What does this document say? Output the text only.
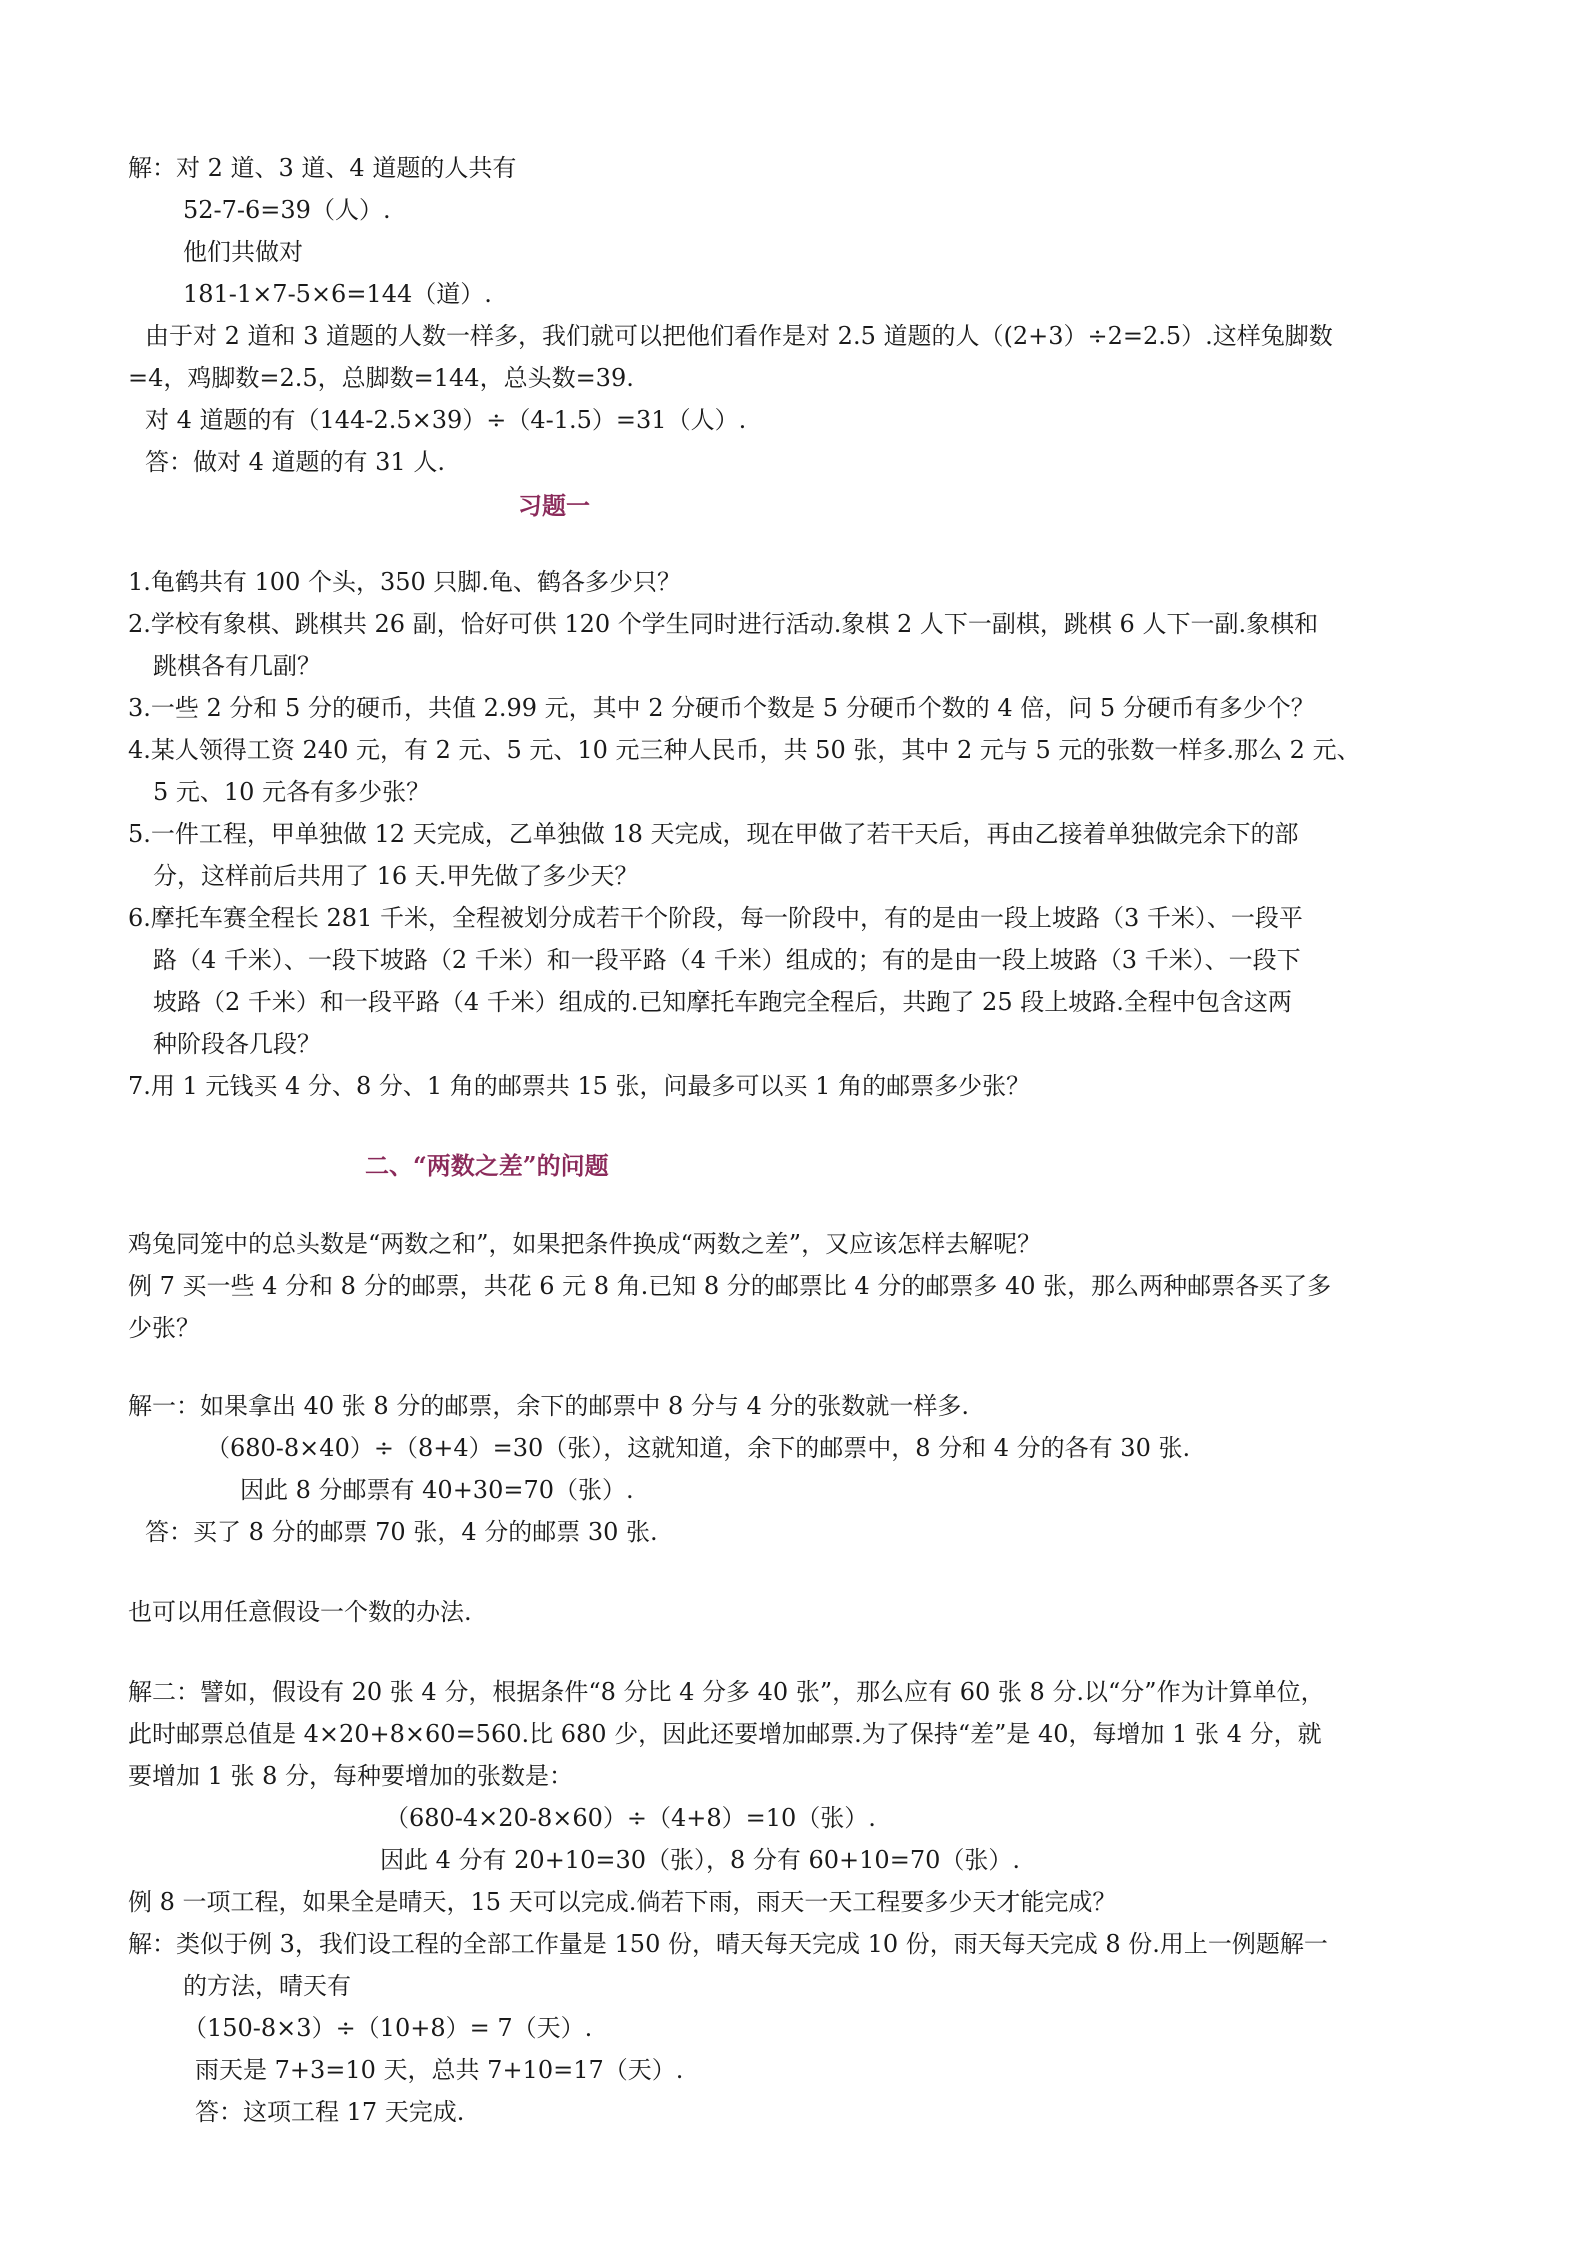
解：对 2 道、3 道、4 道题的人共有
52-7-6=39（人）.
他们共做对
181-1×7-5×6=144（道）.
由于对 2 道和 3 道题的人数一样多，我们就可以把他们看作是对 2.5 道题的人（(2+3）÷2=2.5）.这样兔脚数
=4，鸡脚数=2.5，总脚数=144，总头数=39.
对 4 道题的有（144-2.5×39）÷（4-1.5）=31（人）.
答：做对 4 道题的有 31 人.
习题一
1.龟鹤共有 100 个头，350 只脚.龟、鹤各多少只？
2.学校有象棋、跳棋共 26 副，恰好可供 120 个学生同时进行活动.象棋 2 人下一副棋，跳棋 6 人下一副.象棋和
跳棋各有几副？
3.一些 2 分和 5 分的硬币，共值 2.99 元，其中 2 分硬币个数是 5 分硬币个数的 4 倍，问 5 分硬币有多少个？
4.某人领得工资 240 元，有 2 元、5 元、10 元三种人民币，共 50 张，其中 2 元与 5 元的张数一样多.那么 2 元、
5 元、10 元各有多少张？
5.一件工程，甲单独做 12 天完成，乙单独做 18 天完成，现在甲做了若干天后，再由乙接着单独做完余下的部
分，这样前后共用了 16 天.甲先做了多少天？
6.摩托车赛全程长 281 千米，全程被划分成若干个阶段，每一阶段中，有的是由一段上坡路（3 千米）、一段平
路（4 千米）、一段下坡路（2 千米）和一段平路（4 千米）组成的；有的是由一段上坡路（3 千米）、一段下
坡路（2 千米）和一段平路（4 千米）组成的.已知摩托车跑完全程后，共跑了 25 段上坡路.全程中包含这两
种阶段各几段？
7.用 1 元钱买 4 分、8 分、1 角的邮票共 15 张，问最多可以买 1 角的邮票多少张？
二、“两数之差”的问题
鸡兔同笼中的总头数是“两数之和”，如果把条件换成“两数之差”，又应该怎样去解呢？
例 7 买一些 4 分和 8 分的邮票，共花 6 元 8 角.已知 8 分的邮票比 4 分的邮票多 40 张，那么两种邮票各买了多
少张？
解一：如果拿出 40 张 8 分的邮票，余下的邮票中 8 分与 4 分的张数就一样多.
（680-8×40）÷（8+4）=30（张），这就知道，余下的邮票中，8 分和 4 分的各有 30 张.
因此 8 分邮票有 40+30=70（张）.
答：买了 8 分的邮票 70 张，4 分的邮票 30 张.
也可以用任意假设一个数的办法.
解二：譬如，假设有 20 张 4 分，根据条件“8 分比 4 分多 40 张”，那么应有 60 张 8 分.以“分”作为计算单位，
此时邮票总值是 4×20+8×60=560.比 680 少，因此还要增加邮票.为了保持“差”是 40，每增加 1 张 4 分，就
要增加 1 张 8 分，每种要增加的张数是：
（680-4×20-8×60）÷（4+8）=10（张）.
因此 4 分有 20+10=30（张），8 分有 60+10=70（张）.
例 8 一项工程，如果全是晴天，15 天可以完成.倘若下雨，雨天一天工程要多少天才能完成？
解：类似于例 3，我们设工程的全部工作量是 150 份，晴天每天完成 10 份，雨天每天完成 8 份.用上一例题解一
的方法，晴天有
（150-8×3）÷（10+8）= 7（天）.
雨天是 7+3=10 天，总共 7+10=17（天）.
答：这项工程 17 天完成.
